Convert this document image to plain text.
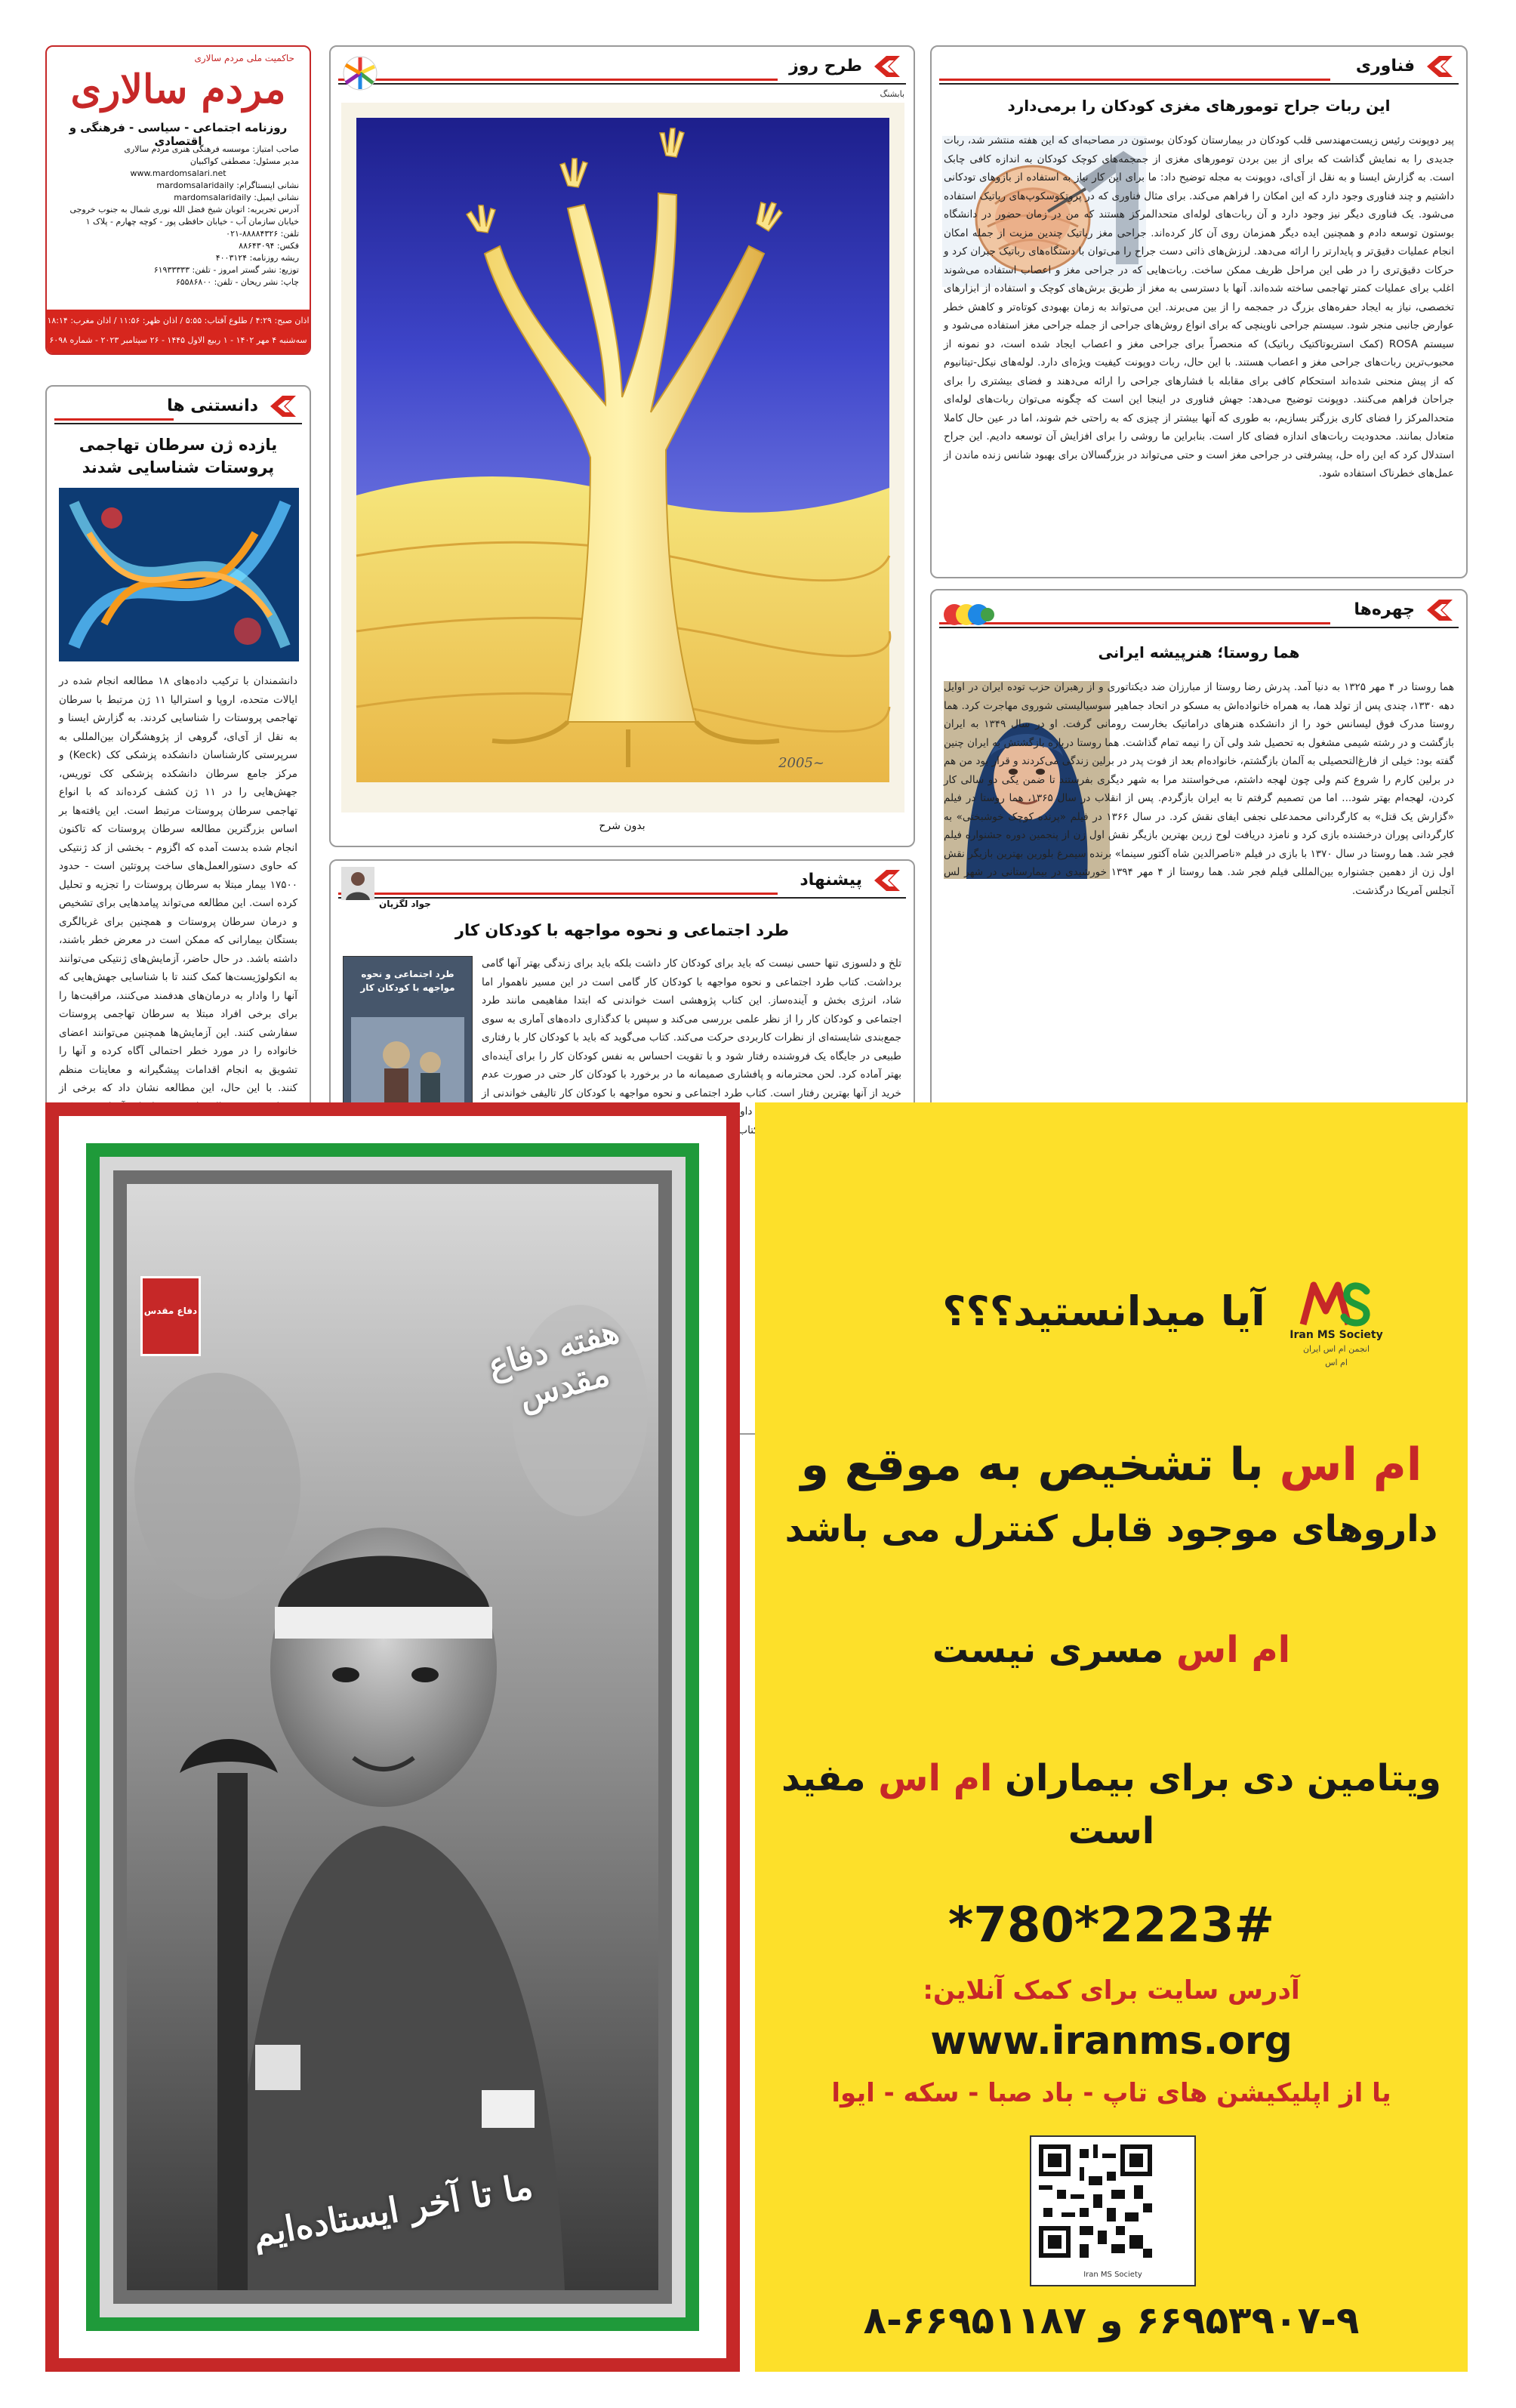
حاکمیت ملی مردم سالاری
مردم سالاری
روزنامه اجتماعی - سیاسی - فرهنگی و اقتصادی
صاحب امتیاز: موسسه فرهنگی هنری مردم سالاری
مدیر مسئول: مصطفی کواکبیان
www.mardomsalari.net
نشانی اینستاگرام: mardomsalaridaily
نشانی ایمیل: mardomsalaridaily
آدرس تحریریه: اتوبان شیخ فضل الله نوری شمال به جنوب خروجی خیابان سازمان آب - خیابان حافظی پور - کوچه چهارم - پلاک ۱
تلفن: ۸۸۸۸۴۳۲۶-۰۲۱
فکس: ۸۸۶۴۳۰۹۴
ریشه روزنامه: ۴۰۰۳۱۲۴
توزیع: نشر گستر امروز - تلفن: ۶۱۹۳۳۳۳۳
چاپ: نشر ریحان - تلفن: ۶۵۵۸۶۸۰۰
اذان صبح: ۴:۲۹ / طلوع آفتاب: ۵:۵۵ / اذان ظهر: ۱۱:۵۶ / اذان مغرب: ۱۸:۱۴
سه‌شنبه ۴ مهر ۱۴۰۲ - ۱ ربیع الاول ۱۴۴۵ - ۲۶ سپتامبر ۲۰۲۳ - شماره ۶۰۹۸
دانستنی ها
یازده ژن سرطان تهاجمی پروستات شناسایی شدند
دانشمندان با ترکیب داده‌های ۱۸ مطالعه انجام شده در ایالات متحده، اروپا و استرالیا ۱۱ ژن مرتبط با سرطان تهاجمی پروستات را شناسایی کردند. به گزارش ایسنا و به نقل از آی‌ای، گروهی از پژوهشگران بین‌المللی به سرپرستی کارشناسان دانشکده پزشکی کک (Keck) و مرکز جامع سرطان دانشکده پزشکی کک توریس، جهش‌هایی را در ۱۱ ژن کشف کرده‌اند که با انواع تهاجمی سرطان پروستات مرتبط است. این یافته‌ها بر اساس بزرگترین مطالعه سرطان پروستات که تاکنون انجام شده بدست آمده که اگزوم - بخشی از کد ژنتیکی که حاوی دستورالعمل‌های ساخت پروتئین است - حدود ۱۷۵۰۰ بیمار مبتلا به سرطان پروستات را تجزیه و تحلیل کرده است. این مطالعه می‌تواند پیامدهایی برای تشخیص و درمان سرطان پروستات و همچنین برای غربالگری بستگان بیمارانی که ممکن است در معرض خطر باشند، داشته باشد. در حال حاضر، آزمایش‌های ژنتیکی می‌توانند به انکولوژیست‌ها کمک کنند تا با شناسایی جهش‌هایی که آنها را وادار به درمان‌های هدفمند می‌کنند، مراقبت‌ها را برای برخی افراد مبتلا به سرطان تهاجمی پروستات سفارشی کنند. این آزمایش‌ها همچنین می‌توانند اعضای خانواده را در مورد خطر احتمالی آگاه کرده و آنها را تشویق به انجام اقدامات پیشگیرانه و معاینات منظم کنند. با این حال، این مطالعه نشان داد که برخی از
طرح روز
بابشنگ
~2005
بدون شرح
پیشنهاد
جواد لگزیان
طرد اجتماعی و نحوه مواجهه با کودکان کار
طرد اجتماعی و نحوه مواجهه با کودکان کار
تلخ و دلسوزی تنها حسی نیست که باید برای کودکان کار داشت بلکه باید برای زندگی بهتر آنها گامی برداشت. کتاب طرد اجتماعی و نحوه مواجهه با کودکان کار گامی است در این مسیر ناهموار اما شاد، انرژی بخش و آینده‌ساز. این کتاب پژوهشی است خواندنی که ابتدا مفاهیمی مانند طرد اجتماعی و کودکان کار را از نظر علمی بررسی می‌کند و سپس با کدگذاری داده‌های آماری به سوی جمع‌بندی شایسته‌ای از نظرات کاربردی حرکت می‌کند. کتاب می‌گوید که باید با کودکان کار با رفتاری طبیعی در جایگاه یک فروشنده رفتار شود و با تقویت احساس به نفس کودکان کار را برای آینده‌ای بهتر آماده کرد. لحن محترمانه و پافشاری صمیمانه ما در برخورد با کودکان کار حتی در صورت عدم خرید از آنها بهترین رفتار است. کتاب طرد اجتماعی و نحوه مواجهه با کودکان کار تالیفی خواندنی از کتاب
فناوری
این ربات جراح تومورهای مغزی کودکان را برمی‌دارد
پیر دوپونت رئیس زیست‌مهندسی قلب کودکان در بیمارستان کودکان بوستون در مصاحبه‌ای که این هفته منتشر شد، ربات جدیدی را به نمایش گذاشت که برای از بین بردن تومورهای مغزی از جمجمه‌های کوچک کودکان به اندازه کافی چابک است. به گزارش ایسنا و به نقل از آی‌ای، دوپونت به مجله توضیح داد: ما برای این کار نیاز به استفاده از بازوهای تودکانی داشتیم و چند فناوری وجود دارد که این امکان را فراهم می‌کند. برای مثال فناوری که در پروتکوسکوپ‌های رباتیک استفاده می‌شود. یک فناوری دیگر نیز وجود دارد و آن ربات‌های لوله‌ای متحدالمرکز هستند که من در زمان حضور در دانشگاه بوستون توسعه دادم و همچنین ایده دیگر همزمان روی آن کار کرده‌اند. جراحی مغز رباتیک چندین مزیت از جمله امکان انجام عملیات دقیق‌تر و پایدارتر را ارائه می‌دهد. لرزش‌های ذاتی دست جراح را می‌توان با دستگاه‌های رباتیک جبران کرد و حرکات دقیق‌تری را در طی این مراحل ظریف ممکن ساخت. ربات‌هایی که در جراحی مغز و اعصاب استفاده می‌شوند اغلب برای عملیات کمتر تهاجمی ساخته شده‌اند. آنها با دسترسی به مغز از طریق برش‌های کوچک و استفاده از ابزارهای تخصصی، نیاز به ایجاد حفره‌های بزرگ در جمجمه را از بین می‌برند. این می‌تواند به زمان بهبودی کوتاه‌تر و کاهش خطر عوارض جانبی منجر شود. سیستم جراحی ناوینچی که برای انواع روش‌های جراحی از جمله جراحی مغز استفاده می‌شود و سیستم ROSA (کمک استریوتاکتیک رباتیک) که منحصراً برای جراحی مغز و اعصاب ایجاد شده است، دو نمونه از محبوب‌ترین ربات‌های جراحی مغز و اعصاب هستند. با این حال، ربات دوپونت کیفیت ویژه‌ای دارد. لوله‌های نیکل-تیتانیوم که از پیش منحنی شده‌اند استحکام کافی برای مقابله با فشارهای جراحی را ارائه می‌دهند و فضای بیشتری را برای جراحان فراهم می‌کنند. دوپونت توضیح می‌دهد: جهش فناوری در اینجا این است که چگونه می‌توان ربات‌های لوله‌ای متحدالمرکز را فضای کاری بزرگتر بسازیم، به طوری که آنها بیشتر از چیزی که به راحتی خم شوند، اما در عین حال کاملا متعادل بمانند. محدودیت ربات‌های اندازه فضای کار است. بنابراین ما روشی را برای افزایش آن توسعه دادیم. این جراح استدلال کرد که این راه حل، پیشرفتی در جراحی مغز است و حتی می‌تواند در بزرگسالان برای بهبود شانس زنده ماندن از عمل‌های خطرناک استفاده شود.
چهره‌ها
هما روستا؛ هنرپیشه ایرانی
هما روستا در ۴ مهر ۱۳۲۵ به دنیا آمد. پدرش رضا روستا از مبارزان ضد دیکتاتوری و از رهبران حزب توده ایران در اوایل دهه ۱۳۳۰، چندی پس از تولد هما، به همراه خانواده‌اش به مسکو در اتحاد جماهیر سوسیالیستی شوروی مهاجرت کرد. هما روستا مدرک فوق لیسانس خود را از دانشکده هنرهای دراماتیک بخارست رومانی گرفت. او در سال ۱۳۴۹ به ایران بازگشت و در رشته شیمی مشغول به تحصیل شد ولی آن را نیمه تمام گذاشت. هما روستا درباره بازگشتش به ایران چنین گفته بود: خیلی از فارغ‌التحصیلی به آلمان بازگشتم، خانواده‌ام بعد از فوت پدر در برلین زندگی می‌کردند و قرار بود من هم در برلین کارم را شروع کنم ولی چون لهجه داشتم، می‌خواستند مرا به شهر دیگری بفرستند تا ضمن یکی دو سالی کار کردن، لهجه‌ام بهتر شود... اما من تصمیم گرفتم تا به ایران بازگردم. پس از انقلاب در سال ۱۳۶۵، هما روستا در فیلم «گزارش یک قتل» به کارگردانی محمدعلی نجفی ایفای نقش کرد. در سال ۱۳۶۶ در فیلم «پرنده کوچک خوشبختی» به کارگردانی پوران درخشنده بازی کرد و نامزد دریافت لوح زرین بهترین بازیگر نقش اول زن از پنجمین دوره جشنواره فیلم فجر شد. هما روستا در سال ۱۳۷۰ با بازی در فیلم «ناصرالدین شاه آکتور سینما» برنده سیمرغ بلورین بهترین بازیگر نقش اول زن از دهمین جشنواره بین‌المللی فیلم فجر شد. هما روستا از ۴ مهر ۱۳۹۴ خورشیدی در بیمارستانی در شهر لس آنجلس آمریکا درگذشت.
دفاع مقدس
هفته دفاع مقدس
ما تا آخر ایستاده‌ایم
Iran MS Society
انجمن ام اس ایران
ام اس
آیا میدانستید؟؟؟
ام اس با تشخیص به موقع و
داروهای موجود قابل کنترل می باشد
ام اس مسری نیست
ویتامین دی برای بیماران ام اس مفید است
*780*2223#
آدرس سایت برای کمک آنلاین:
www.iranms.org
یا از اپلیکیشن های تاپ - باد صبا - سکه - ایوا
Iran MS Society
۶۶۹۵۳۹۰۷-۹ و ۶۶۹۵۱۱۸۷-۸
